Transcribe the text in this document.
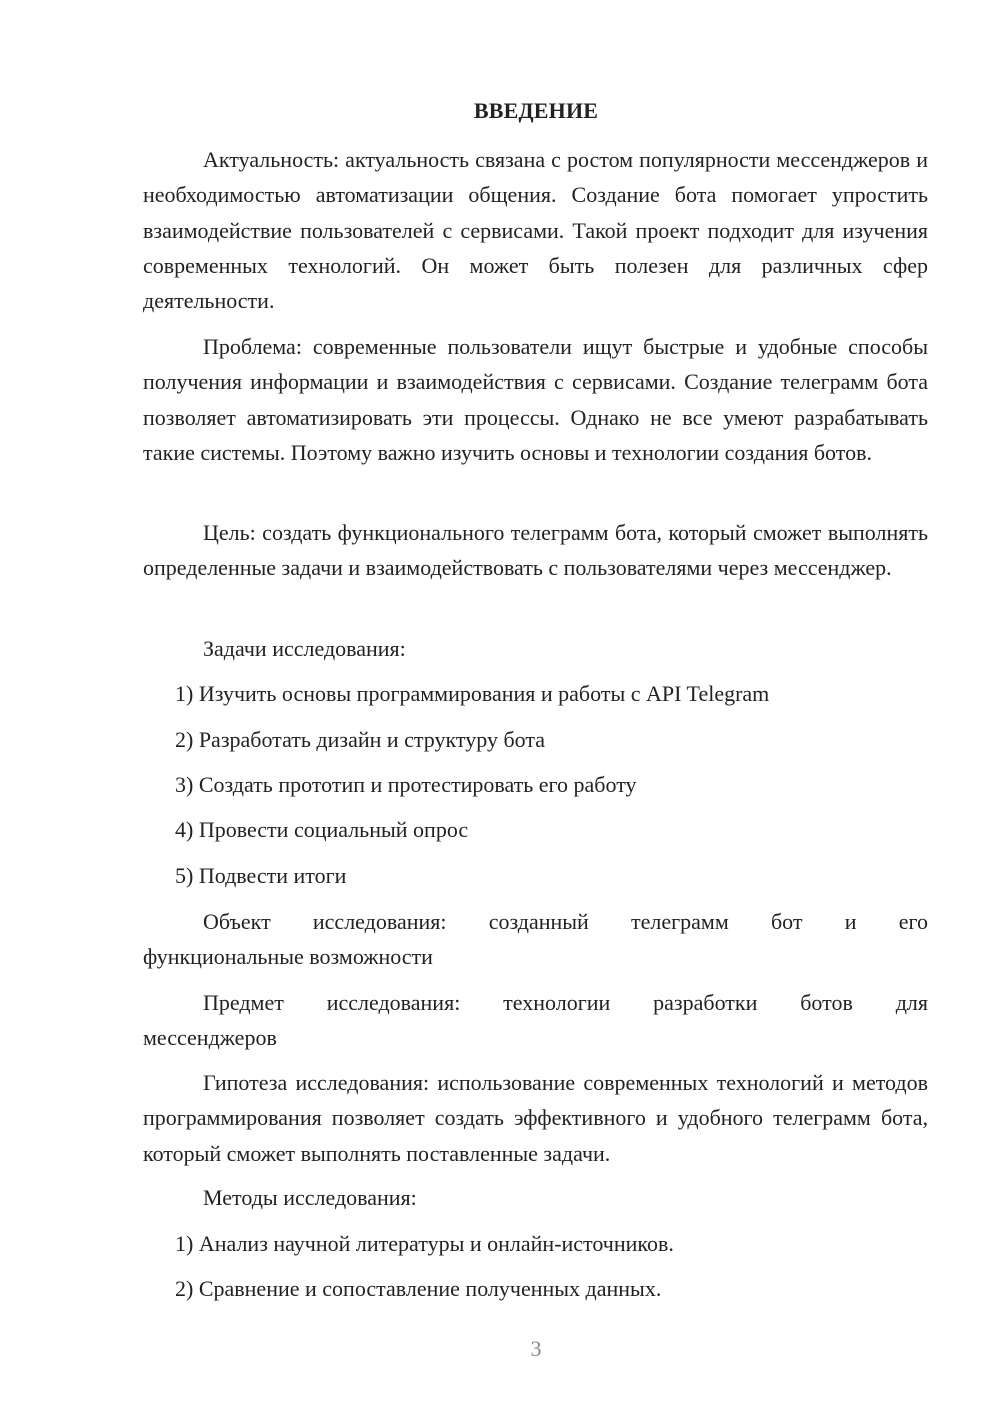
ВВЕДЕНИЕ

Актуальность: актуальность связана с ростом популярности мессенджеров и необходимостью автоматизации общения. Создание бота помогает упростить взаимодействие пользователей с сервисами. Такой проект подходит для изучения современных технологий. Он может быть полезен для различных сфер деятельности.

Проблема: современные пользователи ищут быстрые и удобные способы получения информации и взаимодействия с сервисами. Создание телеграмм бота позволяет автоматизировать эти процессы. Однако не все умеют разрабатывать такие системы. Поэтому важно изучить основы и технологии создания ботов.

Цель: создать функционального телеграмм бота, который сможет выполнять определенные задачи и взаимодействовать с пользователями через мессенджер.

Задачи исследования:

1) Изучить основы программирования и работы с API Telegram

2) Разработать дизайн и структуру бота

3) Создать прототип и протестировать его работу

4) Провести социальный опрос

5) Подвести итоги

Объект исследования: созданный телеграмм бот и его
функциональные возможности
Предмет исследования: технологии разработки ботов для
мессенджеров

Гипотеза исследования: использование современных технологий и методов программирования позволяет создать эффективного и удобного телеграмм бота, который сможет выполнять поставленные задачи.

Методы исследования:

1) Анализ научной литературы и онлайн-источников.

2) Сравнение и сопоставление полученных данных.

3
